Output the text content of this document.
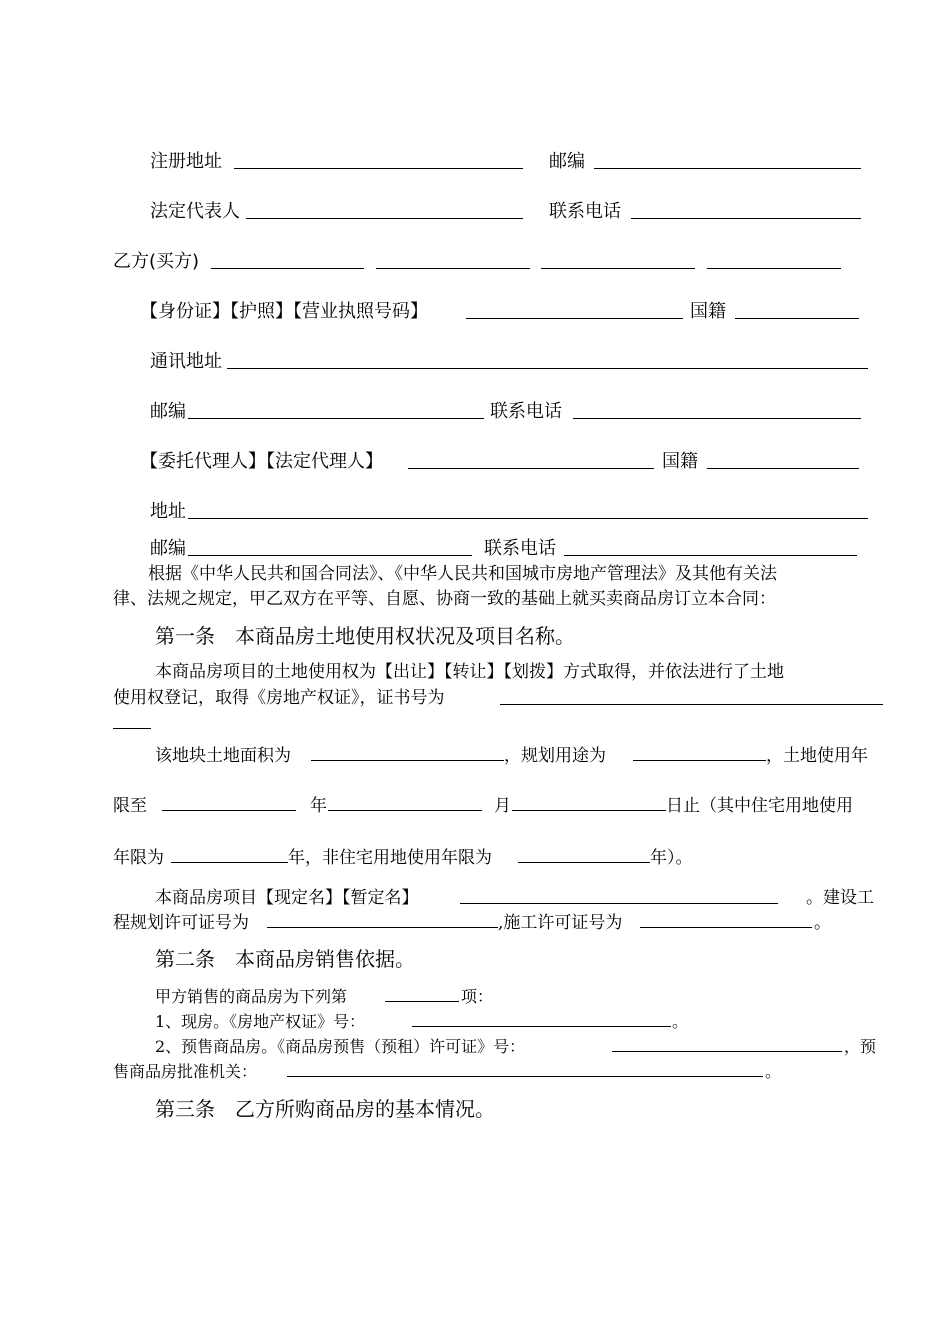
注册地址	邮编
法定代表人	联系电话
乙方(买方)
【身份证】【护照】【营业执照号码】	国籍
通讯地址
邮编	联系电话
【委托代理人】【法定代理人】	国籍
地址
邮编	联系电话
根据《中华人民共和国合同法》、《中华人民共和国城市房地产管理法》及其他有关法
律、法规之规定，甲乙双方在平等、自愿、协商一致的基础上就买卖商品房订立本合同：
第一条　本商品房土地使用权状况及项目名称。
本商品房项目的土地使用权为【出让】【转让】【划拨】方式取得，并依法进行了土地
使用权登记，取得《房地产权证》，证书号为
该地块土地面积为	，规划用途为	，土地使用年
限至	年	月	日止（其中住宅用地使用
年限为	年，非住宅用地使用年限为	年）。
本商品房项目【现定名】【暂定名】	。建设工
程规划许可证号为	,施工许可证号为	。
第二条　本商品房销售依据。
甲方销售的商品房为下列第	项：
1、现房。《房地产权证》号：	。
2、预售商品房。《商品房预售（预租）许可证》号：	，预
售商品房批准机关：	。
第三条　乙方所购商品房的基本情况。
